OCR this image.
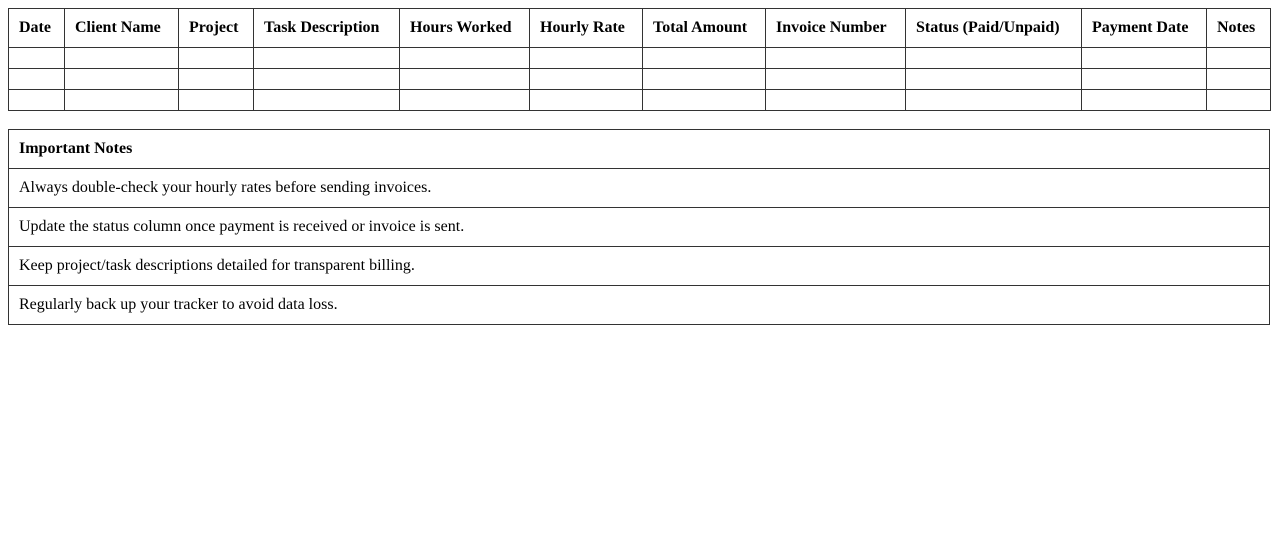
Date	Client Name	Project	Task Description	Hours Worked	Hourly Rate	Total Amount	Invoice Number	Status (Paid/Unpaid)	Payment Date	Notes

Important Notes
Always double-check your hourly rates before sending invoices.
Update the status column once payment is received or invoice is sent.
Keep project/task descriptions detailed for transparent billing.
Regularly back up your tracker to avoid data loss.
